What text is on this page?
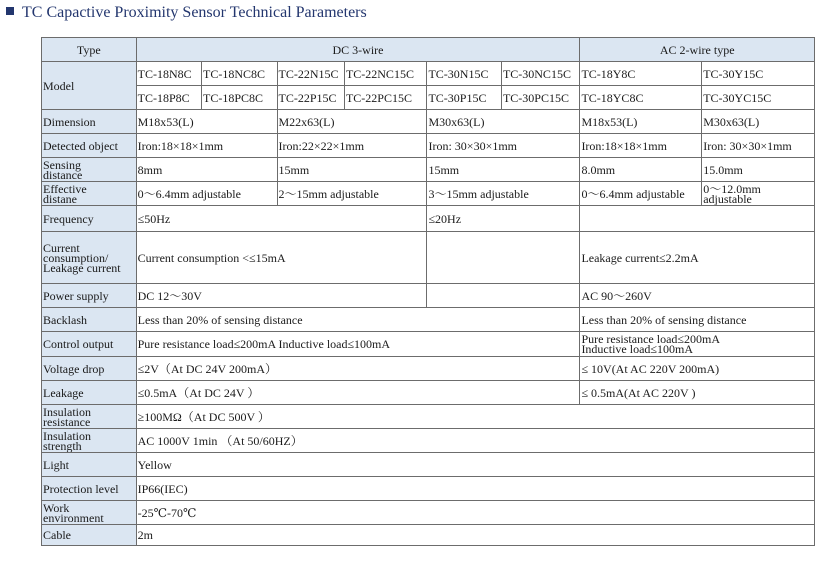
TC Capactive Proximity Sensor Technical Parameters
Type	DC 3-wire						AC 2-wire type	
Model	TC-18N8C	TC-18NC8C	TC-22N15C	TC-22NC15C	TC-30N15C	TC-30NC15C	TC-18Y8C	TC-30Y15C
	TC-18P8C	TC-18PC8C	TC-22P15C	TC-22PC15C	TC-30P15C	TC-30PC15C	TC-18YC8C	TC-30YC15C
Dimension	M18x53(L)		M22x63(L)		M30x63(L)		M18x53(L)	M30x63(L)
Detected object	Iron:18×18×1mm		Iron:22×22×1mm		Iron: 30×30×1mm		Iron:18×18×1mm	Iron: 30×30×1mm

Sensing
distance	8mm		15mm		15mm		8.0mm	15.0mm

Effective
distane	0～6.4mm adjustable		2～15mm adjustable		3～15mm adjustable		0～6.4mm adjustable	0～12.0mm
adjustable

Frequency	≤50Hz				≤20Hz			

Current
consumption/
Leakage current	Current consumption <≤15mA						Leakage current≤2.2mA	
Power supply	DC 12～30V						AC 90～260V	
Backlash	Less than 20% of sensing distance						Less than 20% of sensing distance	
Control output	Pure resistance load≤200mA Inductive load≤100mA						Pure resistance load≤200mA
Inductive load≤100mA	

Voltage drop	≤2V（At DC 24V 200mA）						≤ 10V(At AC 220V 200mA)	
Leakage	≤0.5mA（At DC 24V ）						≤ 0.5mA(At AC 220V )	

Insulation
resistance	≥100MΩ（At DC 500V ）							

Insulation
strength	AC 1000V 1min （At 50/60HZ）							
Light	Yellow							
Protection level	IP66(IEC)							

Work
environment	-25℃-70℃							
Cable	2m							
